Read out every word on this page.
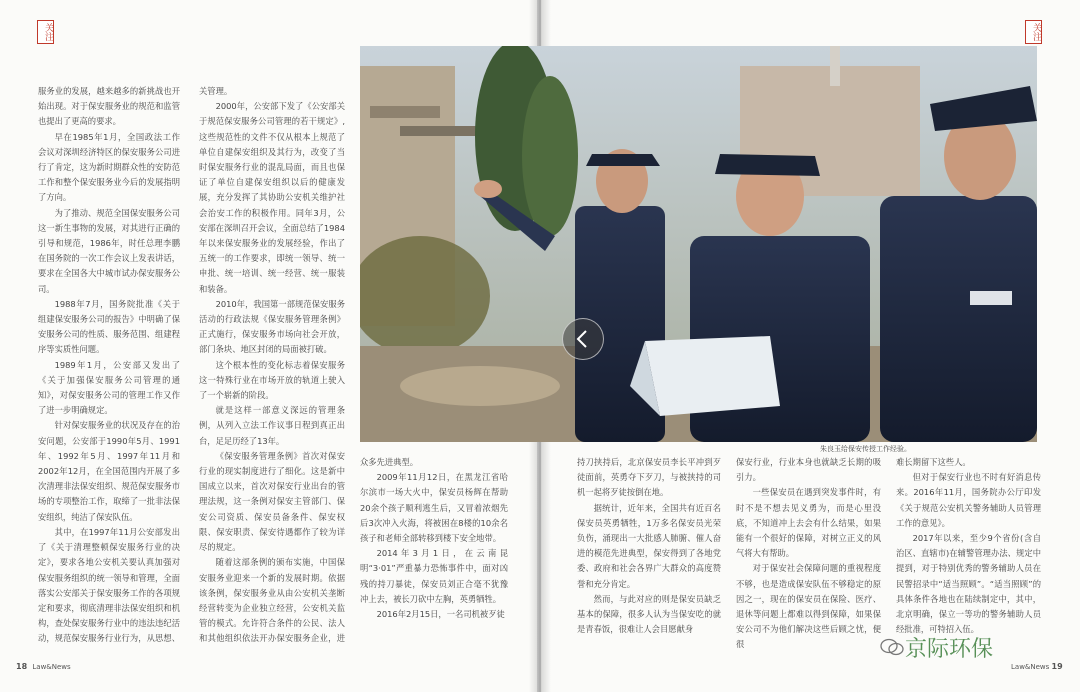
服务业的发展，越来越多的新挑战也开始出现。对于保安服务业的规范和监管也提出了更高的要求。

早在1985年1月，全国政法工作会议对深圳经济特区的保安服务公司进行了肯定，这为新时期群众性的安防范工作和整个保安服务业今后的发展指明了方向。

为了推动、规范全国保安服务公司这一新生事物的发展，对其进行正确的引导和规范，1986年，时任总理李鹏在国务院的一次工作会议上发表讲话，要求在全国各大中城市试办保安服务公司。

1988年7月，国务院批准《关于组建保安服务公司的报告》中明确了保安服务公司的性质、服务范围、组建程序等实质性问题。

1989年1月，公安部又发出了《关于加强保安服务公司管理的通知》，对保安服务公司的管理工作又作了进一步明确规定。

针对保安服务业的状况及存在的治安问题，公安部于1990年5月、1991年、1992年5月、1997年11月和2002年12月，在全国范围内开展了多次清理非法保安组织、规范保安服务市场的专项整治工作，取缔了一批非法保安组织，纯洁了保安队伍。

其中，在1997年11月公安部发出了《关于清理整顿保安服务行业的决定》，要求各地公安机关要认真加强对保安服务组织的统一领导和管理，全面落实公安部关于保安服务工作的各项规定和要求，彻底清理非法保安组织和机构，查处保安服务行业中的违法违纪活动，规范保安服务行业行为，从思想、

关管理。

2000年，公安部下发了《公安部关于规范保安服务公司管理的若干规定》,这些规范性的文件不仅从根本上规范了单位自建保安组织及其行为，改变了当时保安服务行业的混乱局面，而且也保证了单位自建保安组织以后的健康发展，充分发挥了其协助公安机关维护社会治安工作的积极作用。同年3月，公安部在深圳召开会议，全面总结了1984年以来保安服务业的发展经验，作出了五统一的工作要求，即统一领导、统一申批、统一培训、统一经营、统一服装和装备。

2010年，我国第一部规范保安服务活动的行政法规《保安服务管理条例》正式施行，保安服务市场向社会开放，部门条块、地区封闭的局面被打破。

这个根本性的变化标志着保安服务这一特殊行业在市场开放的轨道上驶入了一个崭新的阶段。

就是这样一部意义深远的管理条例，从列入立法工作议事日程到真正出台，足足历经了13年。

《保安服务管理条例》首次对保安行业的现实制度进行了细化。这是新中国成立以来，首次对保安行业出台的管理法规，这一条例对保安主管部门、保安公司资质、保安员备条件、保安权限、保安职责、保安待遇都作了较为详尽的规定。

随着这部条例的颁布实施，中国保安服务业迎来一个新的发展时期。依据该条例，保安服务业从由公安机关垄断经营转变为企业独立经营，公安机关监管的模式。允许符合条件的公民、法人和其他组织依法开办保安服务企业，进

18 Law&News
关注

持刀挟持后，北京保安员李长平冲到歹徒面前，英勇夺下歹刀，与被挟持的司机一起将歹徒按倒在地。

据统计，近年来，全国共有近百名保安员英勇牺牲，1万多名保安员光荣负伤，涌现出一大批感人肺腑、催人奋进的模范先进典型，保安得到了各地党委、政府和社会各界广大群众的高度赞誉和充分肯定。

然而，与此对应的则是保安员缺乏基本的保障，很多人认为当保安吃的就是青春饭，很难让人会目愿献身

保安行业，行业本身也就缺乏长期的吸引力。

一些保安员在遇到突发事件时，有时不是不想去见义勇为，而是心里没底，不知道冲上去会有什么结果，如果能有一个很好的保障，对树立正义的风气将大有帮助。

对于保安社会保障问题的重视程度不够，也是造成保安队伍不够稳定的原因之一，现在的保安员在保险、医疗、退休等问题上都难以得到保障，如果保安公司不为他们解决这些后顾之忧，便很

难长期留下这些人。

但对于保安行业也不时有好消息传来。2016年11月，国务院办公厅印发《关于规范公安机关警务辅助人员管理工作的意见》。

2017年以来，至少9个省份(含自治区、直辖市)在辅警管理办法、规定中提到，对于特别优秀的警务辅助人员在民警招录中“适当照顾”。“适当照顾”的具体条件各地也在陆续制定中，其中，北京明确，保立一等功的警务辅助人员经批准，可特招入伍。

Law&News 19
关注

众多先进典型。

2009年11月12日，在黑龙江省哈尔滨市一场大火中，保安员杨辉在帮助20余个孩子顺利逃生后，又冒着浓烟先后3次冲入火海，将被困在8楼的10余名孩子和老师全部转移到楼下安全地带。

2014年3月1日，在云南昆明“3·01”严重暴力恐怖事件中，面对凶残的持刀暴徒，保安员刘正合毫不犹豫冲上去，被长刀砍中左胸，英勇牺牲。

2016年2月15日，一名司机被歹徒

朱良玉给保安传授工作经验。
京际环保
